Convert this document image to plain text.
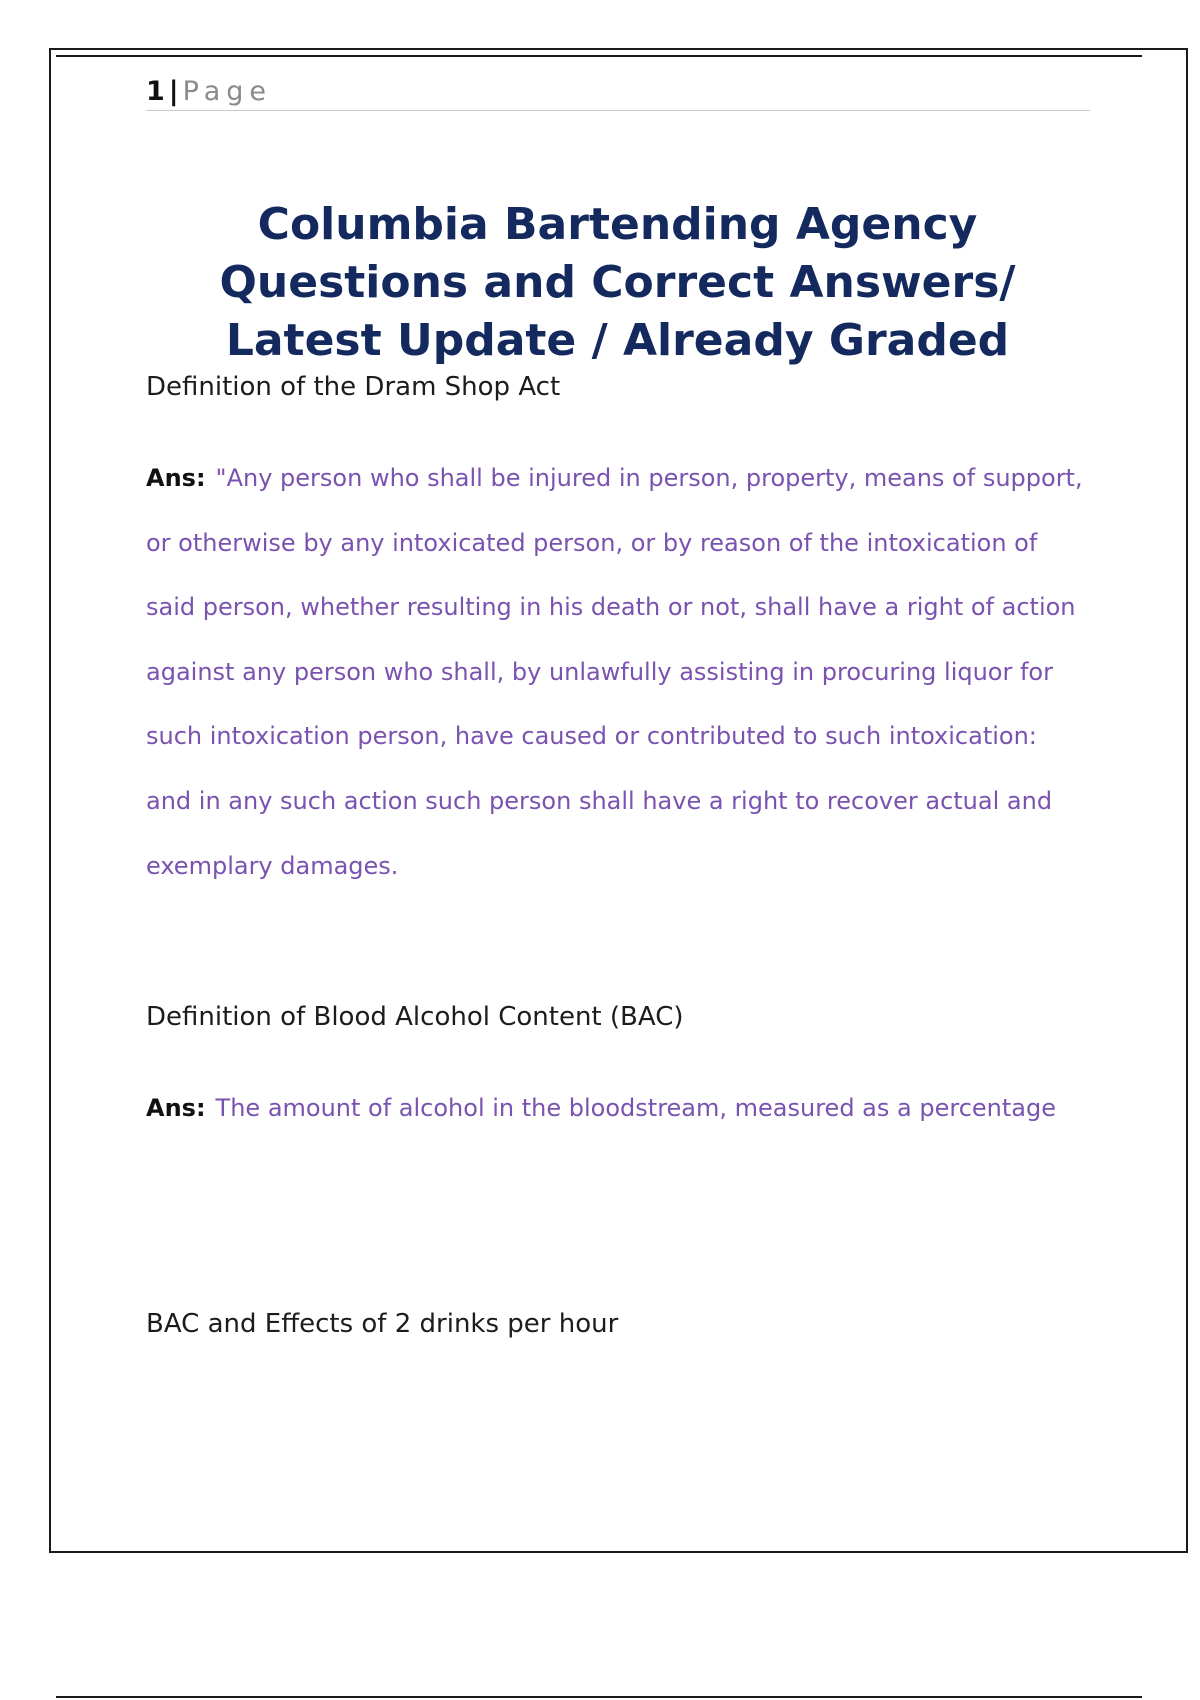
1 | Page
Columbia Bartending Agency Questions and Correct Answers/ Latest Update / Already Graded

Definition of the Dram Shop Act

Ans: "Any person who shall be injured in person, property, means of support, or otherwise by any intoxicated person, or by reason of the intoxication of said person, whether resulting in his death or not, shall have a right of action against any person who shall, by unlawfully assisting in procuring liquor for such intoxication person, have caused or contributed to such intoxication: and in any such action such person shall have a right to recover actual and exemplary damages.

Definition of Blood Alcohol Content (BAC)

Ans: The amount of alcohol in the bloodstream, measured as a percentage

BAC and Effects of 2 drinks per hour
